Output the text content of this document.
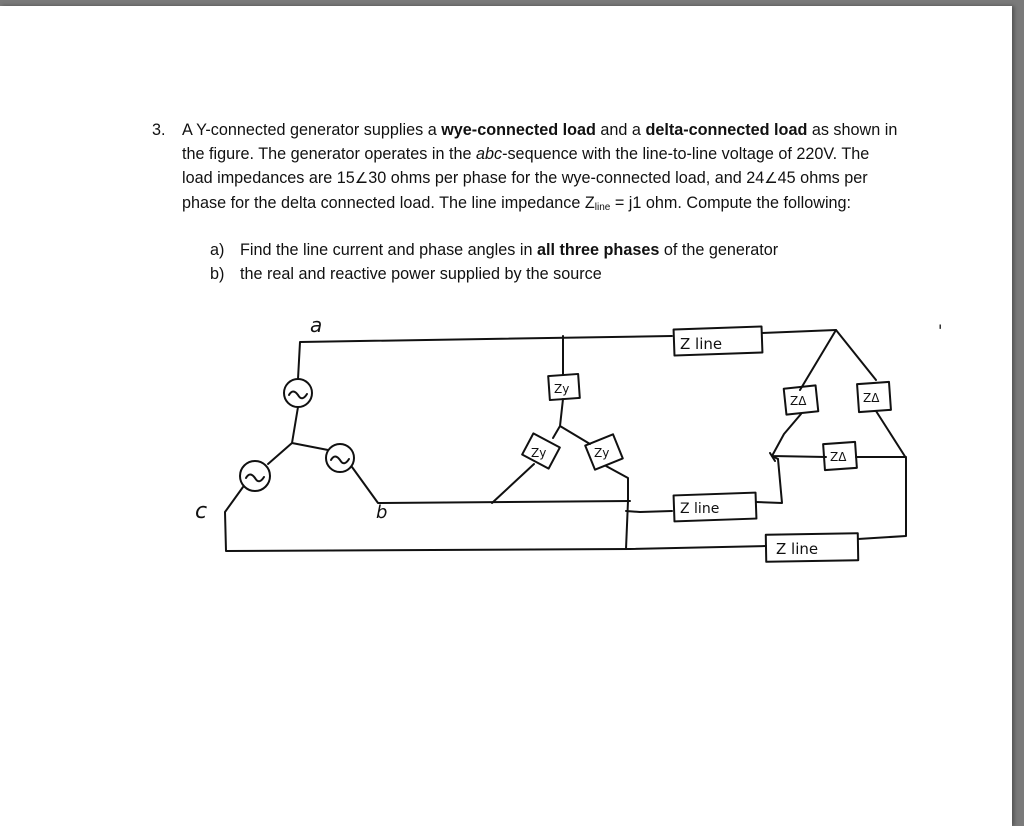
3. A Y-connected generator supplies a wye-connected load and a delta-connected load as shown in the figure. The generator operates in the abc-sequence with the line-to-line voltage of 220V. The load impedances are 15∠30 ohms per phase for the wye-connected load, and 24∠45 ohms per phase for the delta connected load. The line impedance $Z_{line} = j1$ ohm. Compute the following:
a) Find the line current and phase angles in all three phases of the generator
b) the real and reactive power supplied by the source
Zy
Zy	Zy
Z line
Z line
Z line
ZΔ	ZΔ
ZΔ
a
b
c
'
